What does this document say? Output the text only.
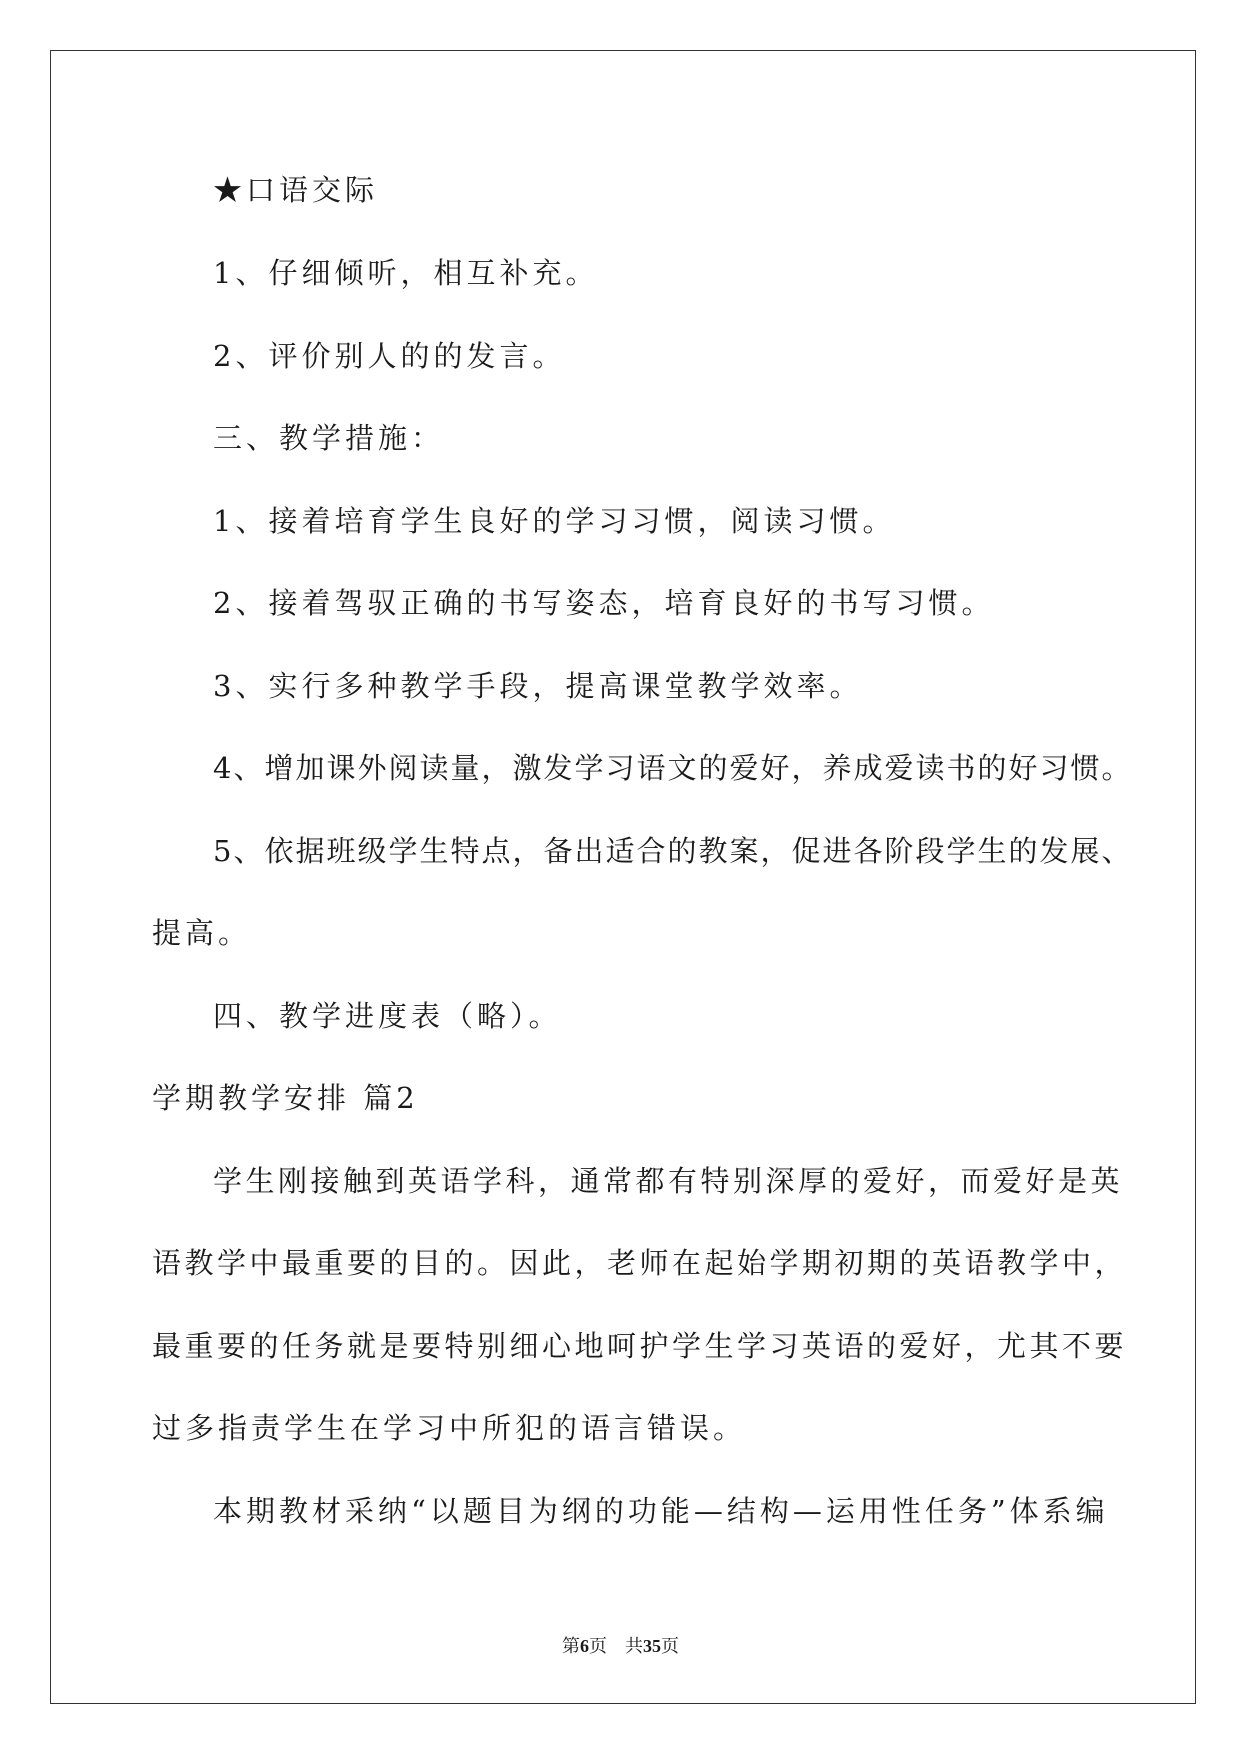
★口语交际
1、仔细倾听，相互补充。
2、评价别人的的发言。
三、教学措施：
1、接着培育学生良好的学习习惯，阅读习惯。
2、接着驾驭正确的书写姿态，培育良好的书写习惯。
3、实行多种教学手段，提高课堂教学效率。
4、增加课外阅读量，激发学习语文的爱好，养成爱读书的好习惯。
5、依据班级学生特点，备出适合的教案，促进各阶段学生的发展、
提高。
四、教学进度表（略）。
学期教学安排 篇2
学生刚接触到英语学科，通常都有特别深厚的爱好，而爱好是英
语教学中最重要的目的。因此，老师在起始学期初期的英语教学中，
最重要的任务就是要特别细心地呵护学生学习英语的爱好，尤其不要
过多指责学生在学习中所犯的语言错误。
本期教材采纳“以题目为纲的功能—结构—运用性任务”体系编
第6页 共35页
